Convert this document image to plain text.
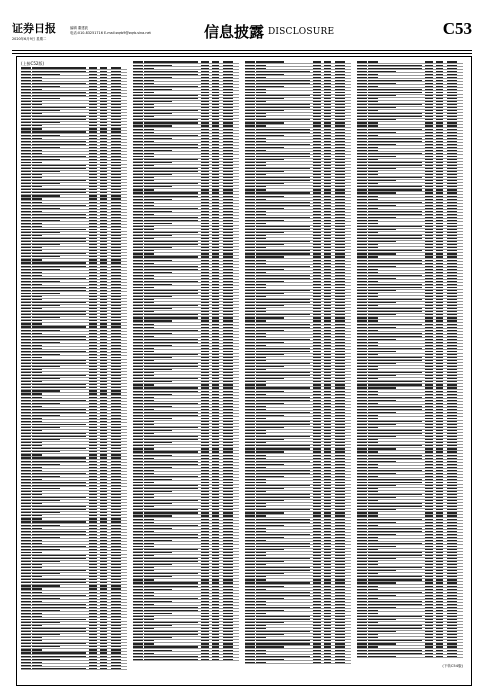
证券日报
2020年6月9日 星期二
编辑 董建波
电话:010-83251716 E-mail:zqrb9@zqrb.sina.net	信息披露 DISCLOSURE	C53
(上接C52版)
(下转C54版)
